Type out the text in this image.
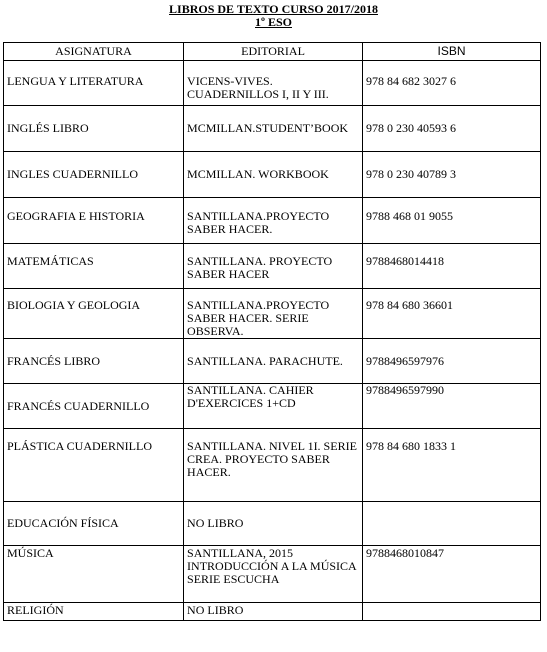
LIBROS DE TEXTO CURSO 2017/2018
1º ESO
ASIGNATURA	EDITORIAL	ISBN
LENGUA Y LITERATURA	VICENS-VIVES. CUADERNILLOS I, II Y III.	978 84 682 3027 6
INGLÉS LIBRO	MCMILLAN.STUDENT’BOOK	978 0 230 40593 6
INGLES CUADERNILLO	MCMILLAN. WORKBOOK	978 0 230 40789 3
GEOGRAFIA E HISTORIA	SANTILLANA.PROYECTO SABER HACER.	9788 468 01 9055
MATEMÁTICAS	SANTILLANA. PROYECTO SABER HACER	9788468014418
BIOLOGIA Y GEOLOGIA	SANTILLANA.PROYECTO SABER HACER. SERIE OBSERVA.	978 84 680 36601
FRANCÉS LIBRO	SANTILLANA. PARACHUTE.	9788496597976
FRANCÉS CUADERNILLO	SANTILLANA. CAHIER D'EXERCICES 1+CD	9788496597990
PLÁSTICA CUADERNILLO	SANTILLANA. NIVEL 1I. SERIE CREA. PROYECTO SABER HACER.	978 84 680 1833 1
EDUCACIÓN FÍSICA	NO LIBRO	
MÚSICA	SANTILLANA, 2015 INTRODUCCIÓN A LA MÚSICA SERIE ESCUCHA	9788468010847
RELIGIÓN	NO LIBRO	
